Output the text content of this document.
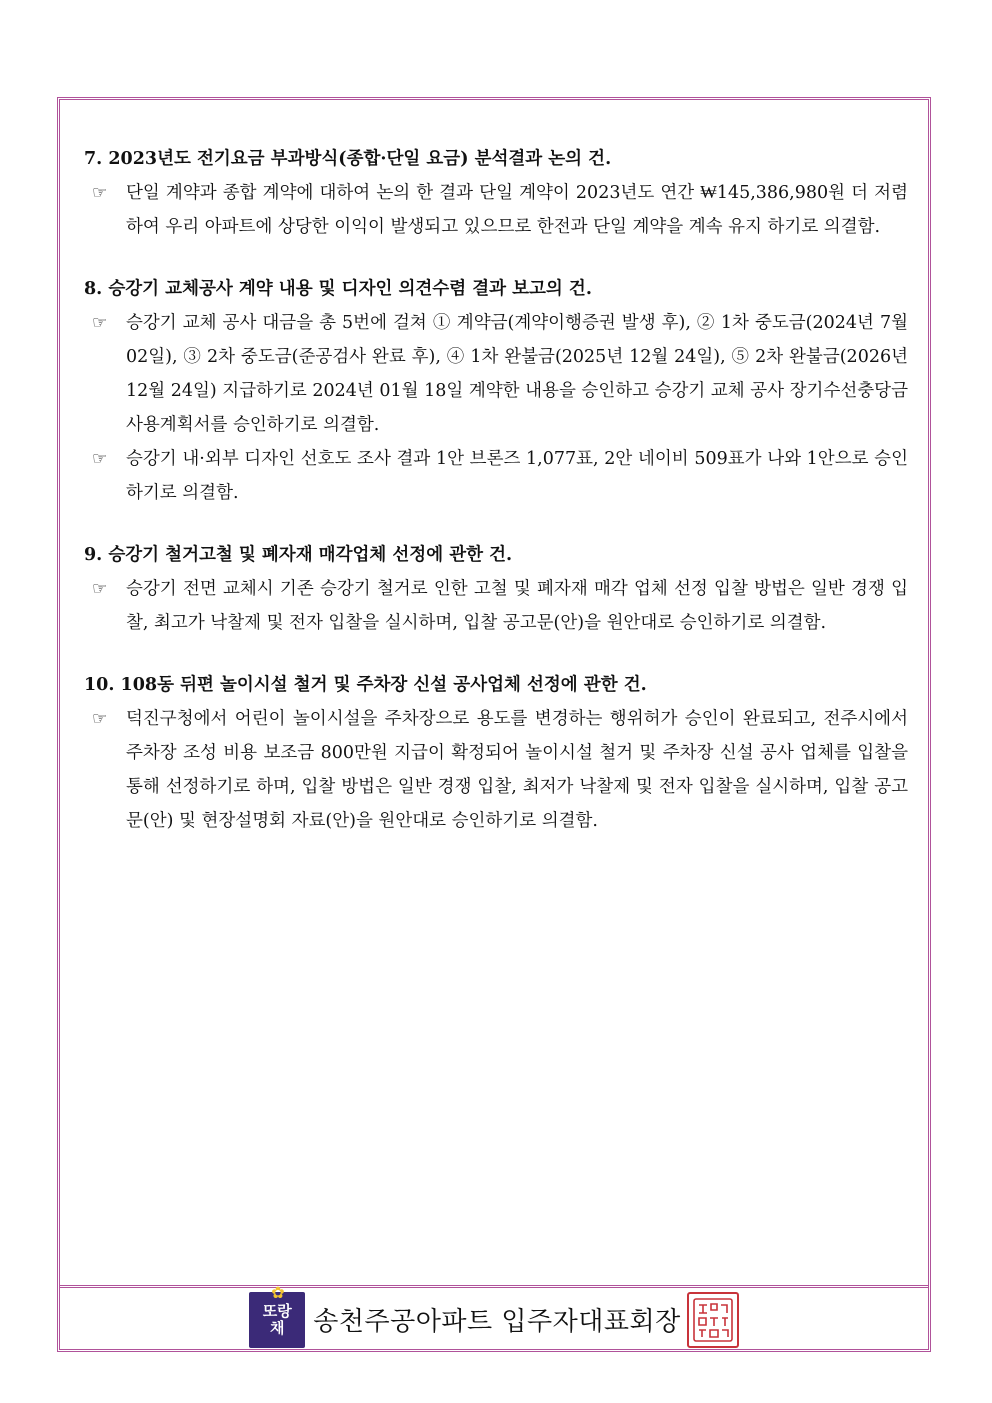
7. 2023년도 전기요금 부과방식(종합·단일 요금) 분석결과 논의 건.

☞	단일 계약과 종합 계약에 대하여 논의 한 결과 단일 계약이 2023년도 연간 ₩145,386,980원 더 저렴하여 우리 아파트에 상당한 이익이 발생되고 있으므로 한전과 단일 계약을 계속 유지 하기로 의결함.

8. 승강기 교체공사 계약 내용 및 디자인 의견수렴 결과 보고의 건.

☞	승강기 교체 공사 대금을 총 5번에 걸쳐 ① 계약금(계약이행증권 발생 후), ② 1차 중도금(2024년 7월 02일), ③ 2차 중도금(준공검사 완료 후), ④ 1차 완불금(2025년 12월 24일), ⑤ 2차 완불금(2026년 12월 24일) 지급하기로 2024년 01월 18일 계약한 내용을 승인하고 승강기 교체 공사 장기수선충당금 사용계획서를 승인하기로 의결함.
☞	승강기 내·외부 디자인 선호도 조사 결과 1안 브론즈 1,077표, 2안 네이비 509표가 나와 1안으로 승인하기로 의결함.

9. 승강기 철거고철 및 폐자재 매각업체 선정에 관한 건.

☞	승강기 전면 교체시 기존 승강기 철거로 인한 고철 및 폐자재 매각 업체 선정 입찰 방법은 일반 경쟁 입찰, 최고가 낙찰제 및 전자 입찰을 실시하며, 입찰 공고문(안)을 원안대로 승인하기로 의결함.

10. 108동 뒤편 놀이시설 철거 및 주차장 신설 공사업체 선정에 관한 건.

☞	덕진구청에서 어린이 놀이시설을 주차장으로 용도를 변경하는 행위허가 승인이 완료되고, 전주시에서 주차장 조성 비용 보조금 800만원 지급이 확정되어 놀이시설 철거 및 주차장 신설 공사 업체를 입찰을 통해 선정하기로 하며, 입찰 방법은 일반 경쟁 입찰, 최저가 낙찰제 및 전자 입찰을 실시하며, 입찰 공고문(안) 및 현장설명회 자료(안)을 원안대로 승인하기로 의결함.
✿
또랑
채 송천주공아파트 입주자대표회장
